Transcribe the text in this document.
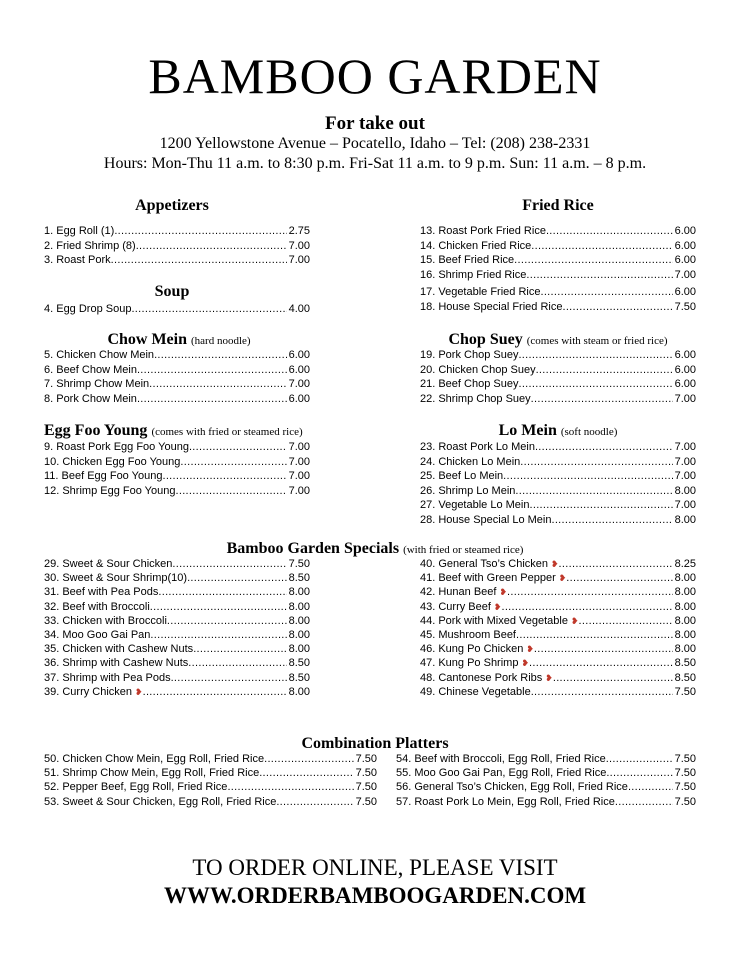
BAMBOO GARDEN
For take out
1200 Yellowstone Avenue – Pocatello, Idaho – Tel: (208) 238-2331
Hours: Mon-Thu 11 a.m. to 8:30 p.m. Fri-Sat 11 a.m. to 9 p.m. Sun: 11 a.m. – 8 p.m.
Appetizers
Soup
Chow Mein (hard noodle)
Egg Foo Young (comes with fried or steamed rice)
Fried Rice
Chop Suey (comes with steam or fried rice)
Lo Mein (soft noodle)
Bamboo Garden Specials (with fried or steamed rice)
Combination Platters
1. Egg Roll (1) .....	2.75
2. Fried Shrimp (8) .....	7.00
3. Roast Pork .....	7.00
4. Egg Drop Soup .....	4.00
5. Chicken Chow Mein .....	6.00
6. Beef Chow Mein .....	6.00
7. Shrimp Chow Mein .....	7.00
8. Pork Chow Mein .....	6.00
9. Roast Pork Egg Foo Young .....	7.00
10. Chicken Egg Foo Young .....	7.00
11. Beef Egg Foo Young .....	7.00
12. Shrimp Egg Foo Young .....	7.00
13. Roast Pork Fried Rice .....	6.00
14. Chicken Fried Rice .....	6.00
15. Beef Fried Rice .....	6.00
16. Shrimp Fried Rice .....	7.00
17. Vegetable Fried Rice .....	6.00
18. House Special Fried Rice .....	7.50
19. Pork Chop Suey .....	6.00
20. Chicken Chop Suey .....	6.00
21. Beef Chop Suey .....	6.00
22. Shrimp Chop Suey .....	7.00
23. Roast Pork Lo Mein .....	7.00
24. Chicken Lo Mein .....	7.00
25. Beef Lo Mein .....	7.00
26. Shrimp Lo Mein .....	8.00
27. Vegetable Lo Mein .....	7.00
28. House Special Lo Mein .....	8.00
29. Sweet & Sour Chicken .....	7.50
30. Sweet & Sour Shrimp(10) .....	8.50
31. Beef with Pea Pods .....	8.00
32. Beef with Broccoli .....	8.00
33. Chicken with Broccoli .....	8.00
34. Moo Goo Gai Pan .....	8.00
35. Chicken with Cashew Nuts .....	8.00
36. Shrimp with Cashew Nuts .....	8.50
37. Shrimp with Pea Pods .....	8.50
39. Curry Chicken ❥ .....	8.00
40. General Tso’s Chicken ❥ .....	8.25
41. Beef with Green Pepper ❥ .....	8.00
42. Hunan Beef ❥ .....	8.00
43. Curry Beef ❥ .....	8.00
44. Pork with Mixed Vegetable ❥ .....	8.00
45. Mushroom Beef .....	8.00
46. Kung Po Chicken ❥ .....	8.00
47. Kung Po Shrimp ❥ .....	8.50
48. Cantonese Pork Ribs ❥ .....	8.50
49. Chinese Vegetable .....	7.50
50. Chicken Chow Mein, Egg Roll, Fried Rice .....	7.50
51. Shrimp Chow Mein, Egg Roll, Fried Rice .....	7.50
52. Pepper Beef, Egg Roll, Fried Rice .....	7.50
53. Sweet & Sour Chicken, Egg Roll, Fried Rice .....	7.50
54. Beef with Broccoli, Egg Roll, Fried Rice .....	7.50
55. Moo Goo Gai Pan, Egg Roll, Fried Rice .....	7.50
56. General Tso’s Chicken, Egg Roll, Fried Rice .....	7.50
57. Roast Pork Lo Mein, Egg Roll, Fried Rice .....	7.50
TO ORDER ONLINE, PLEASE VISIT
WWW.ORDERBAMBOOGARDEN.COM
